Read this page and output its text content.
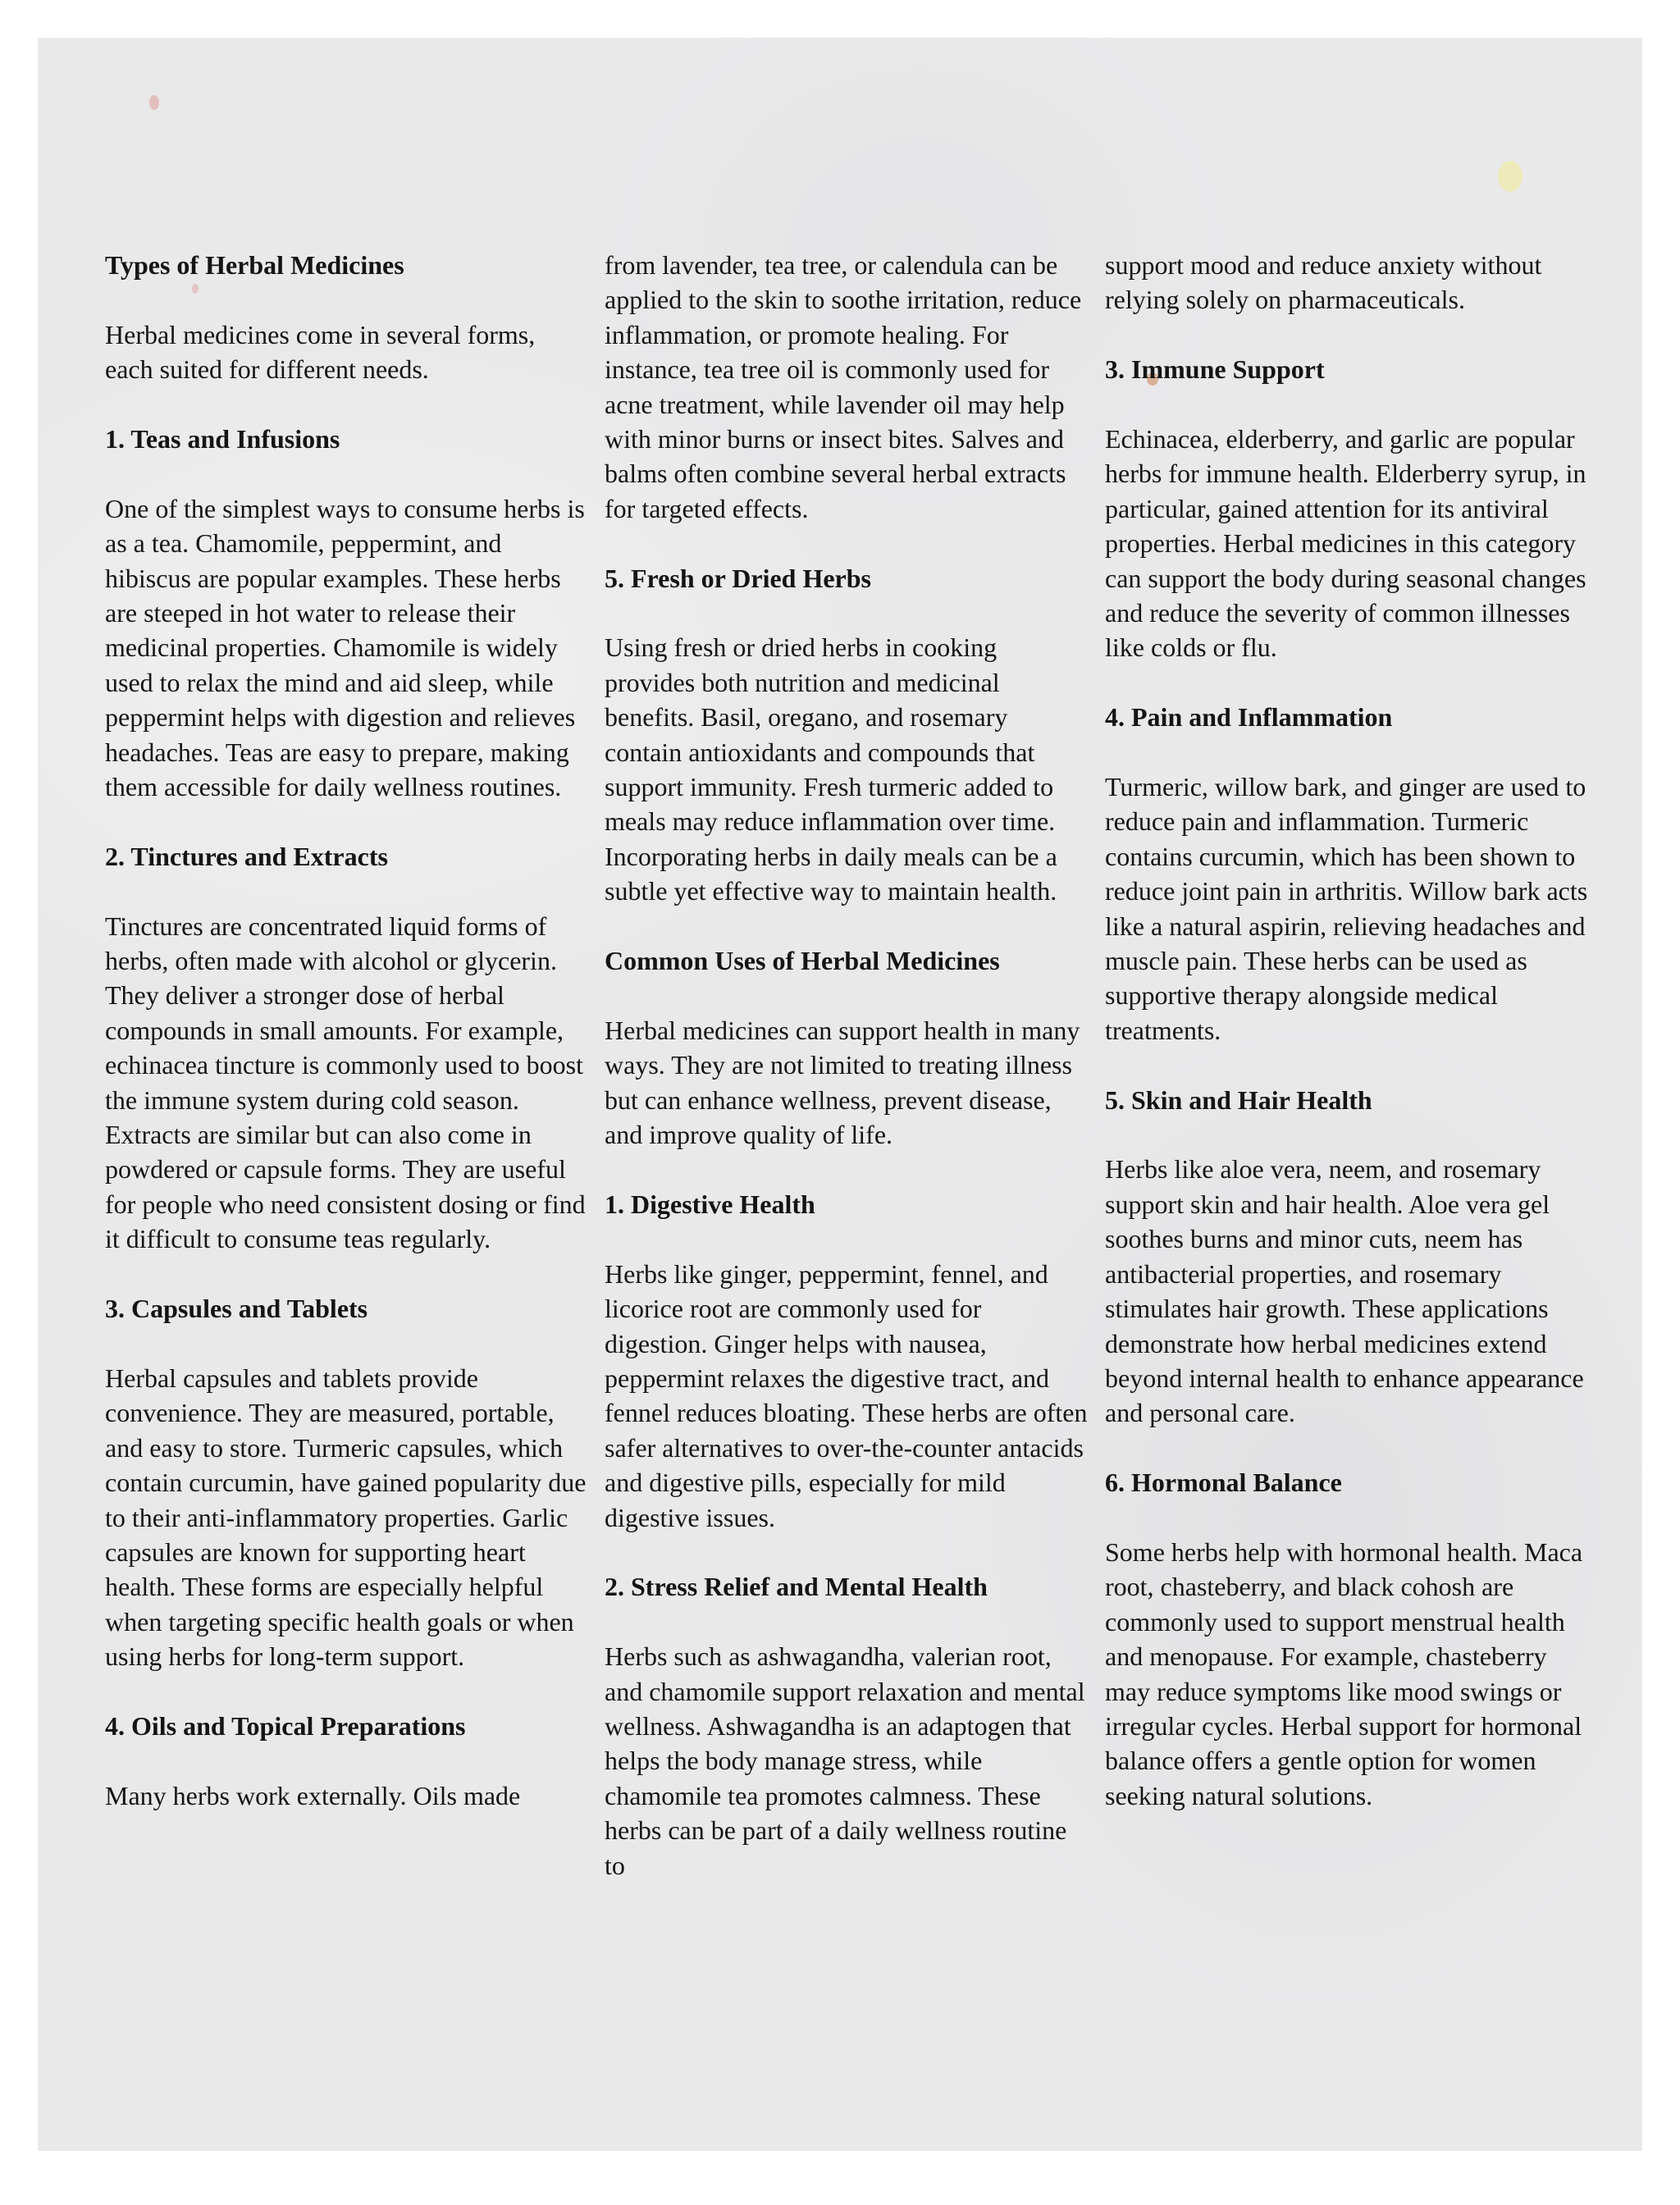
Types of Herbal Medicines

Herbal medicines come in several forms, each suited for different needs.

1. Teas and Infusions

One of the simplest ways to consume herbs is as a tea. Chamomile, peppermint, and hibiscus are popular examples. These herbs are steeped in hot water to release their medicinal properties. Chamomile is widely used to relax the mind and aid sleep, while peppermint helps with digestion and relieves headaches. Teas are easy to prepare, making them accessible for daily wellness routines.

2. Tinctures and Extracts

Tinctures are concentrated liquid forms of herbs, often made with alcohol or glycerin. They deliver a stronger dose of herbal compounds in small amounts. For example, echinacea tincture is commonly used to boost the immune system during cold season. Extracts are similar but can also come in powdered or capsule forms. They are useful for people who need consistent dosing or find it difficult to consume teas regularly.

3. Capsules and Tablets

Herbal capsules and tablets provide convenience. They are measured, portable, and easy to store. Turmeric capsules, which contain curcumin, have gained popularity due to their anti-inflammatory properties. Garlic capsules are known for supporting heart health. These forms are especially helpful when targeting specific health goals or when using herbs for long-term support.

4. Oils and Topical Preparations

Many herbs work externally. Oils made

from lavender, tea tree, or calendula can be applied to the skin to soothe irritation, reduce inflammation, or promote healing. For instance, tea tree oil is commonly used for acne treatment, while lavender oil may help with minor burns or insect bites. Salves and balms often combine several herbal extracts for targeted effects.

5. Fresh or Dried Herbs

Using fresh or dried herbs in cooking provides both nutrition and medicinal benefits. Basil, oregano, and rosemary contain antioxidants and compounds that support immunity. Fresh turmeric added to meals may reduce inflammation over time. Incorporating herbs in daily meals can be a subtle yet effective way to maintain health.

Common Uses of Herbal Medicines

Herbal medicines can support health in many ways. They are not limited to treating illness but can enhance wellness, prevent disease, and improve quality of life.

1. Digestive Health

Herbs like ginger, peppermint, fennel, and licorice root are commonly used for digestion. Ginger helps with nausea, peppermint relaxes the digestive tract, and fennel reduces bloating. These herbs are often safer alternatives to over-the-counter antacids and digestive pills, especially for mild digestive issues.

2. Stress Relief and Mental Health

Herbs such as ashwagandha, valerian root, and chamomile support relaxation and mental wellness. Ashwagandha is an adaptogen that helps the body manage stress, while chamomile tea promotes calmness. These herbs can be part of a daily wellness routine to

support mood and reduce anxiety without relying solely on pharmaceuticals.

3. Immune Support

Echinacea, elderberry, and garlic are popular herbs for immune health. Elderberry syrup, in particular, gained attention for its antiviral properties. Herbal medicines in this category can support the body during seasonal changes and reduce the severity of common illnesses like colds or flu.

4. Pain and Inflammation

Turmeric, willow bark, and ginger are used to reduce pain and inflammation. Turmeric contains curcumin, which has been shown to reduce joint pain in arthritis. Willow bark acts like a natural aspirin, relieving headaches and muscle pain. These herbs can be used as supportive therapy alongside medical treatments.

5. Skin and Hair Health

Herbs like aloe vera, neem, and rosemary support skin and hair health. Aloe vera gel soothes burns and minor cuts, neem has antibacterial properties, and rosemary stimulates hair growth. These applications demonstrate how herbal medicines extend beyond internal health to enhance appearance and personal care.

6. Hormonal Balance

Some herbs help with hormonal health. Maca root, chasteberry, and black cohosh are commonly used to support menstrual health and menopause. For example, chasteberry may reduce symptoms like mood swings or irregular cycles. Herbal support for hormonal balance offers a gentle option for women seeking natural solutions.
